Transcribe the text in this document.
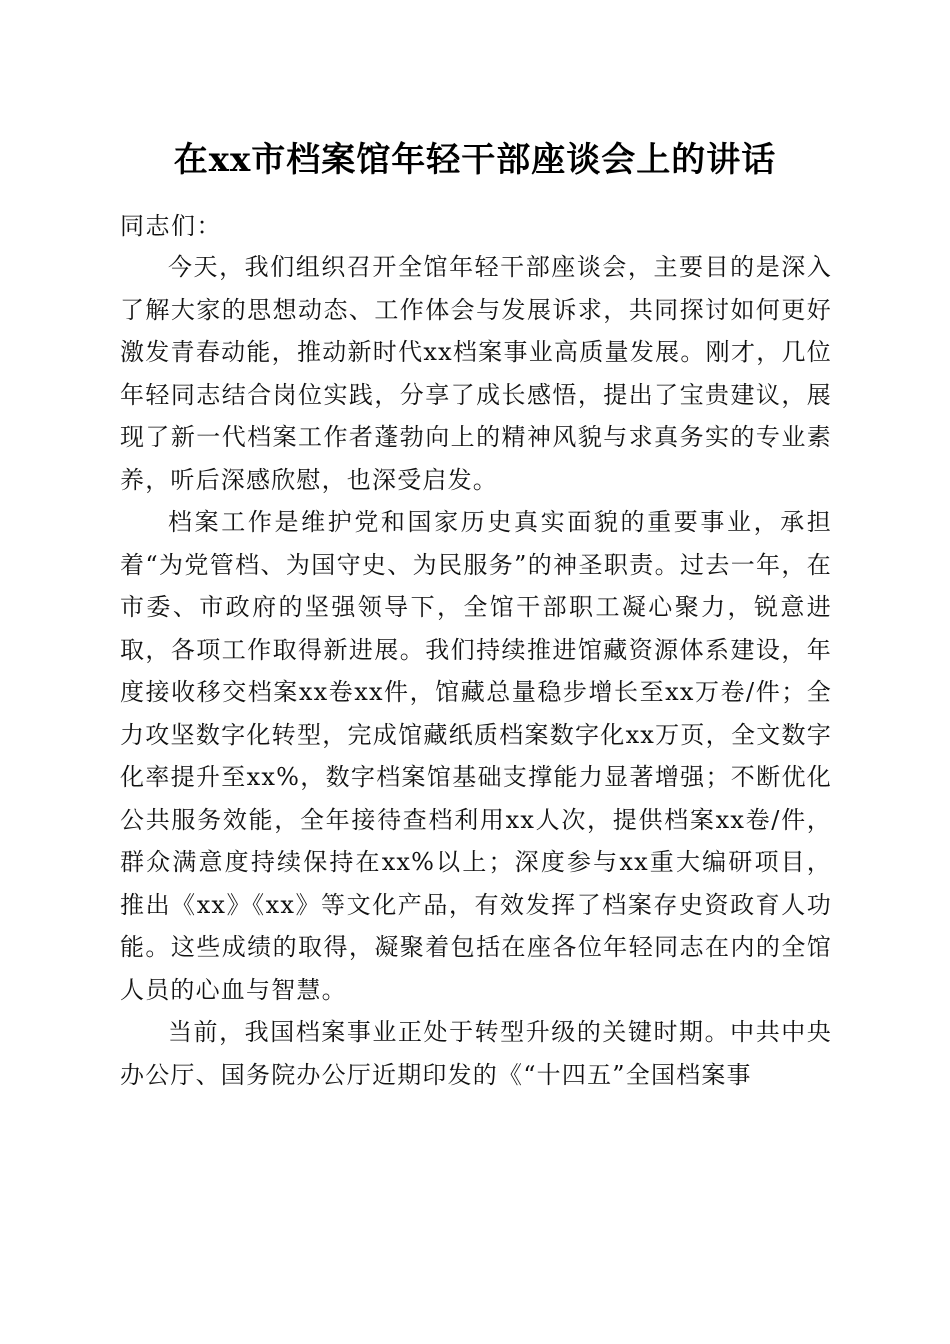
在xx市档案馆年轻干部座谈会上的讲话

同志们：

今天，我们组织召开全馆年轻干部座谈会，主要目的是深入了解大家的思想动态、工作体会与发展诉求，共同探讨如何更好激发青春动能，推动新时代xx档案事业高质量发展。刚才，几位年轻同志结合岗位实践，分享了成长感悟，提出了宝贵建议，展现了新一代档案工作者蓬勃向上的精神风貌与求真务实的专业素养，听后深感欣慰，也深受启发。

档案工作是维护党和国家历史真实面貌的重要事业，承担着“为党管档、为国守史、为民服务”的神圣职责。过去一年，在市委、市政府的坚强领导下，全馆干部职工凝心聚力，锐意进取，各项工作取得新进展。我们持续推进馆藏资源体系建设，年度接收移交档案xx卷xx件，馆藏总量稳步增长至xx万卷/件；全力攻坚数字化转型，完成馆藏纸质档案数字化xx万页，全文数字化率提升至xx%，数字档案馆基础支撑能力显著增强；不断优化公共服务效能，全年接待查档利用xx人次，提供档案xx卷/件，群众满意度持续保持在xx%以上；深度参与xx重大编研项目，推出《xx》《xx》等文化产品，有效发挥了档案存史资政育人功能。这些成绩的取得，凝聚着包括在座各位年轻同志在内的全馆人员的心血与智慧。

当前，我国档案事业正处于转型升级的关键时期。中共中央办公厅、国务院办公厅近期印发的《“十四五”全国档案事
